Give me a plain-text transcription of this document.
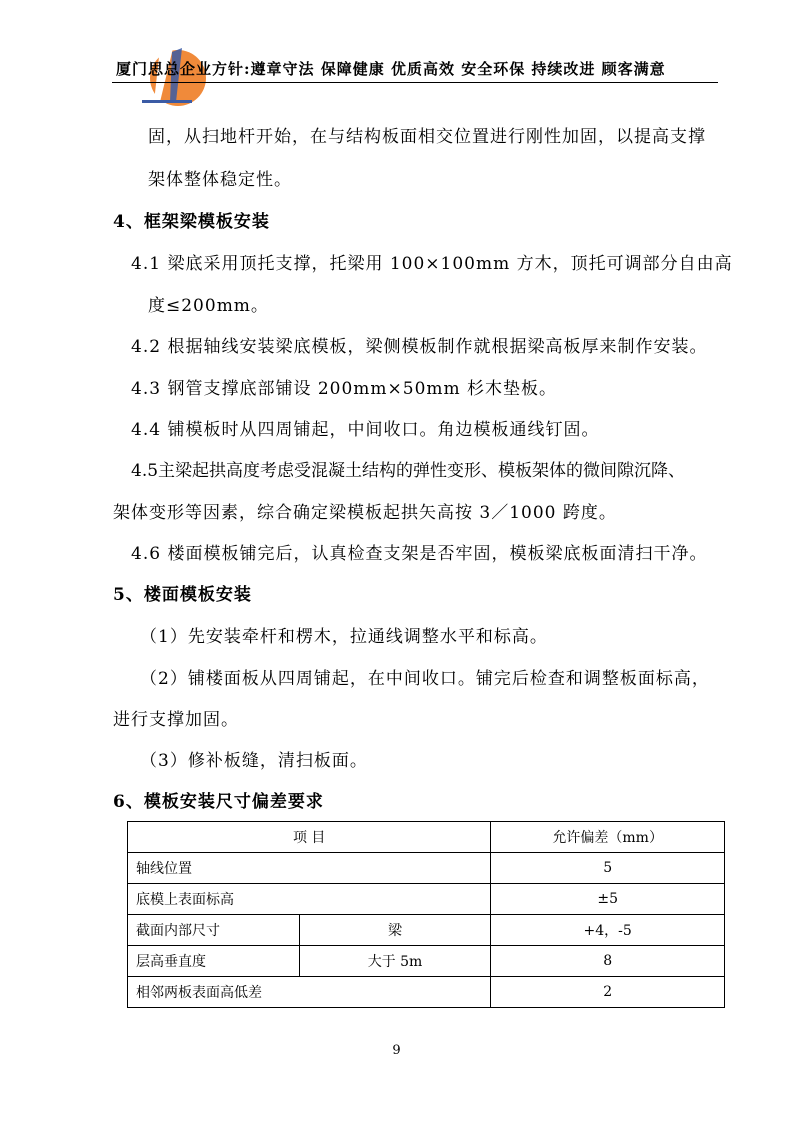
厦门思总企业方针:遵章守法 保障健康 优质高效 安全环保 持续改进 顾客满意
固，从扫地杆开始，在与结构板面相交位置进行刚性加固，以提高支撑
架体整体稳定性。
4、框架梁模板安装
4.1 梁底采用顶托支撑，托梁用 100×100mm 方木，顶托可调部分自由高
度≤200mm。
4.2 根据轴线安装梁底模板，梁侧模板制作就根据梁高板厚来制作安装。
4.3 钢管支撑底部铺设 200mm×50mm 杉木垫板。
4.4 铺模板时从四周铺起，中间收口。角边模板通线钉固。
4.5主梁起拱高度考虑受混凝土结构的弹性变形、模板架体的微间隙沉降、
架体变形等因素，综合确定梁模板起拱矢高按 3／1000 跨度。
4.6 楼面模板铺完后，认真检查支架是否牢固，模板梁底板面清扫干净。
5、楼面模板安装
（1）先安装牵杆和楞木，拉通线调整水平和标高。
（2）铺楼面板从四周铺起，在中间收口。铺完后检查和调整板面标高，
进行支撑加固。
（3）修补板缝，清扫板面。
6、模板安装尺寸偏差要求
项 目		允许偏差（mm）
轴线位置		5
底模上表面标高		±5
截面内部尺寸	梁	+4，-5
层高垂直度	大于 5m	8
相邻两板表面高低差		2
9
